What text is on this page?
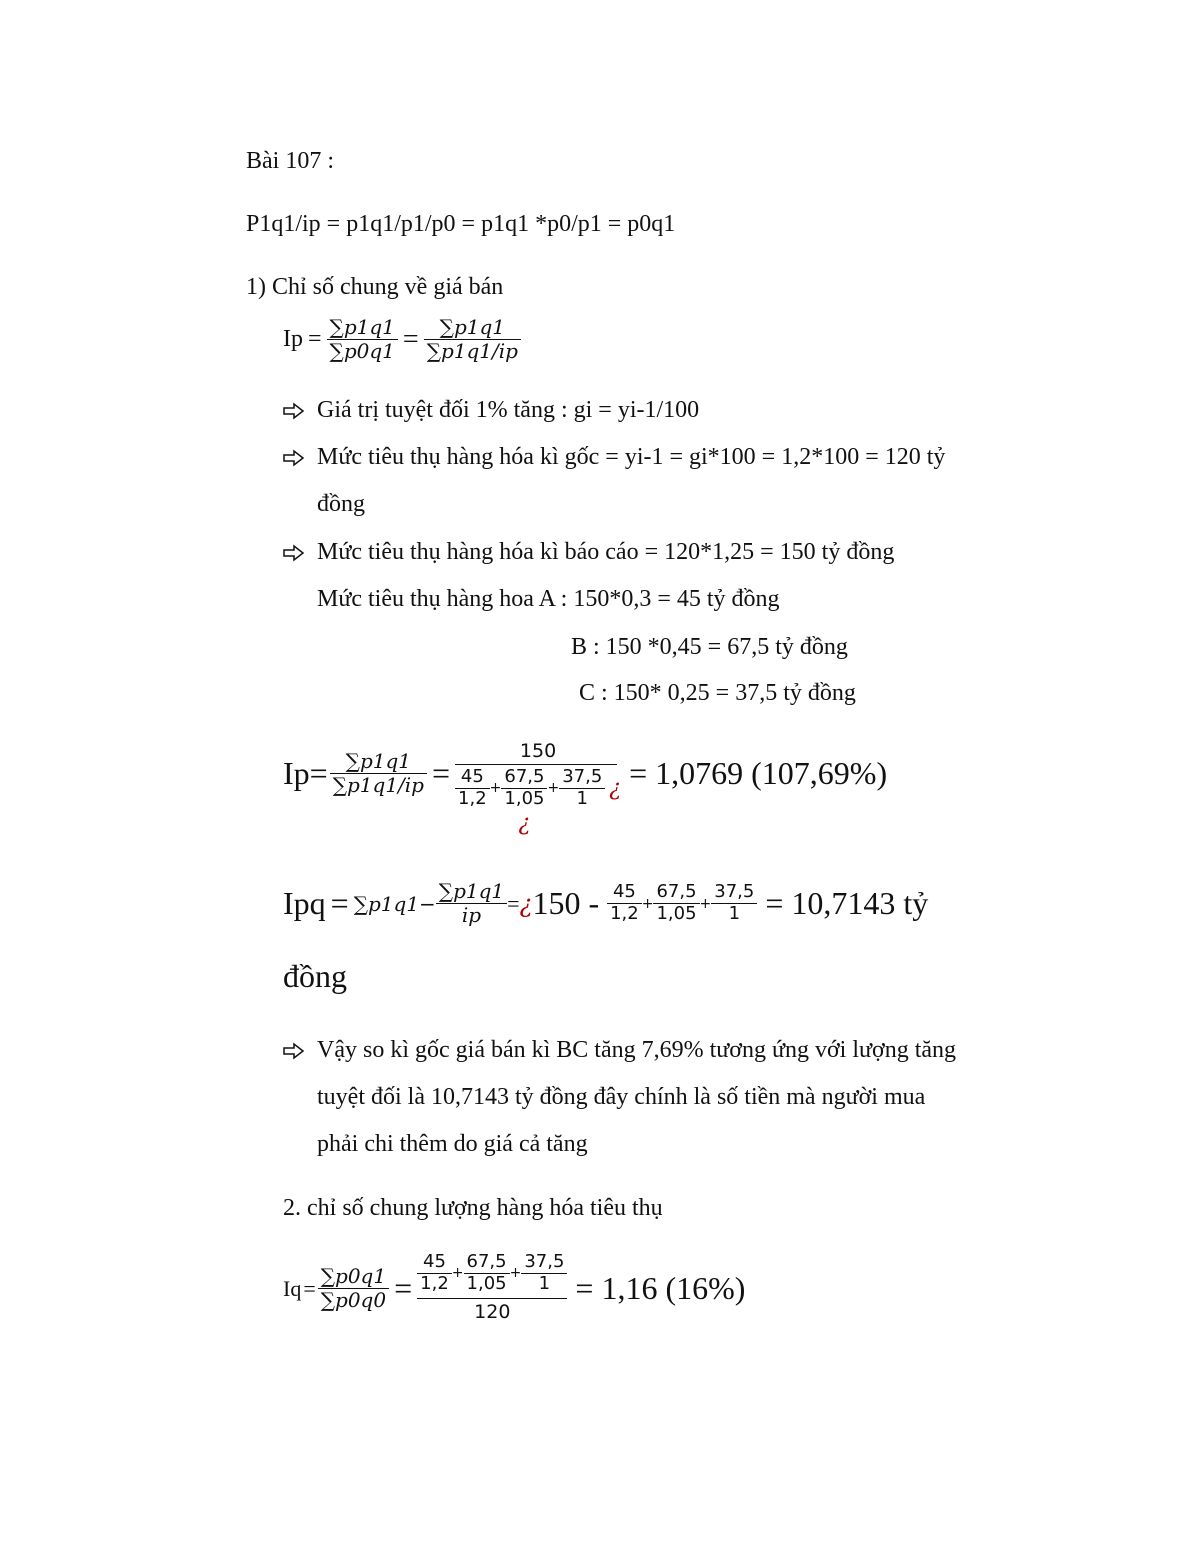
Bài 107 :
P1q1/ip = p1q1/p1/p0 = p1q1 *p0/p1 = p0q1
1) Chỉ số chung về giá bán
$Ip = \frac{\sum p1q1}{\sum p0q1} = \frac{\sum p1q1}{\sum p1q1/ip}$
Giá trị tuyệt đối 1% tăng : gi = yi-1/100
Mức tiêu thụ hàng hóa kì gốc = yi-1 = gi*100 = 1,2*100 = 120 tỷ
đồng
Mức tiêu thụ hàng hóa kì báo cáo = 120*1,25 = 150 tỷ đồng
Mức tiêu thụ hàng hoa A : 150*0,3 = 45 tỷ đồng
B : 150 *0,45 = 67,5 tỷ đồng
C : 150* 0,25 = 37,5 tỷ đồng
$Ip= \frac{\sum p1q1}{\sum p1q1/ip}$ =
150
$\frac{45}{1,2}$ +
67,5
1,05
¿
+ $\frac{37,5}{1}$ ¿ = 1,0769 (107,69%)
Ipq = $\sum p1q1- \frac{\sum p1q1}{ip}$ = ¿ $150 - \frac{45}{1,2} + \frac{67,5}{1,05} + \frac{37,5}{1} = 10,7143$ tỷ
đồng
Vậy so kì gốc giá bán kì BC tăng 7,69% tương ứng với lượng tăng
tuyệt đối là 10,7143 tỷ đồng đây chính là số tiền mà người mua
phải chi thêm do giá cả tăng
2. chỉ số chung lượng hàng hóa tiêu thụ
$Iq = \frac{\sum p0q1}{\sum p0q0} = \frac{45}{1,2} + \frac{67,5}{1,05} + \frac{37,5}{1}$
120
= 1,16 (16%)
